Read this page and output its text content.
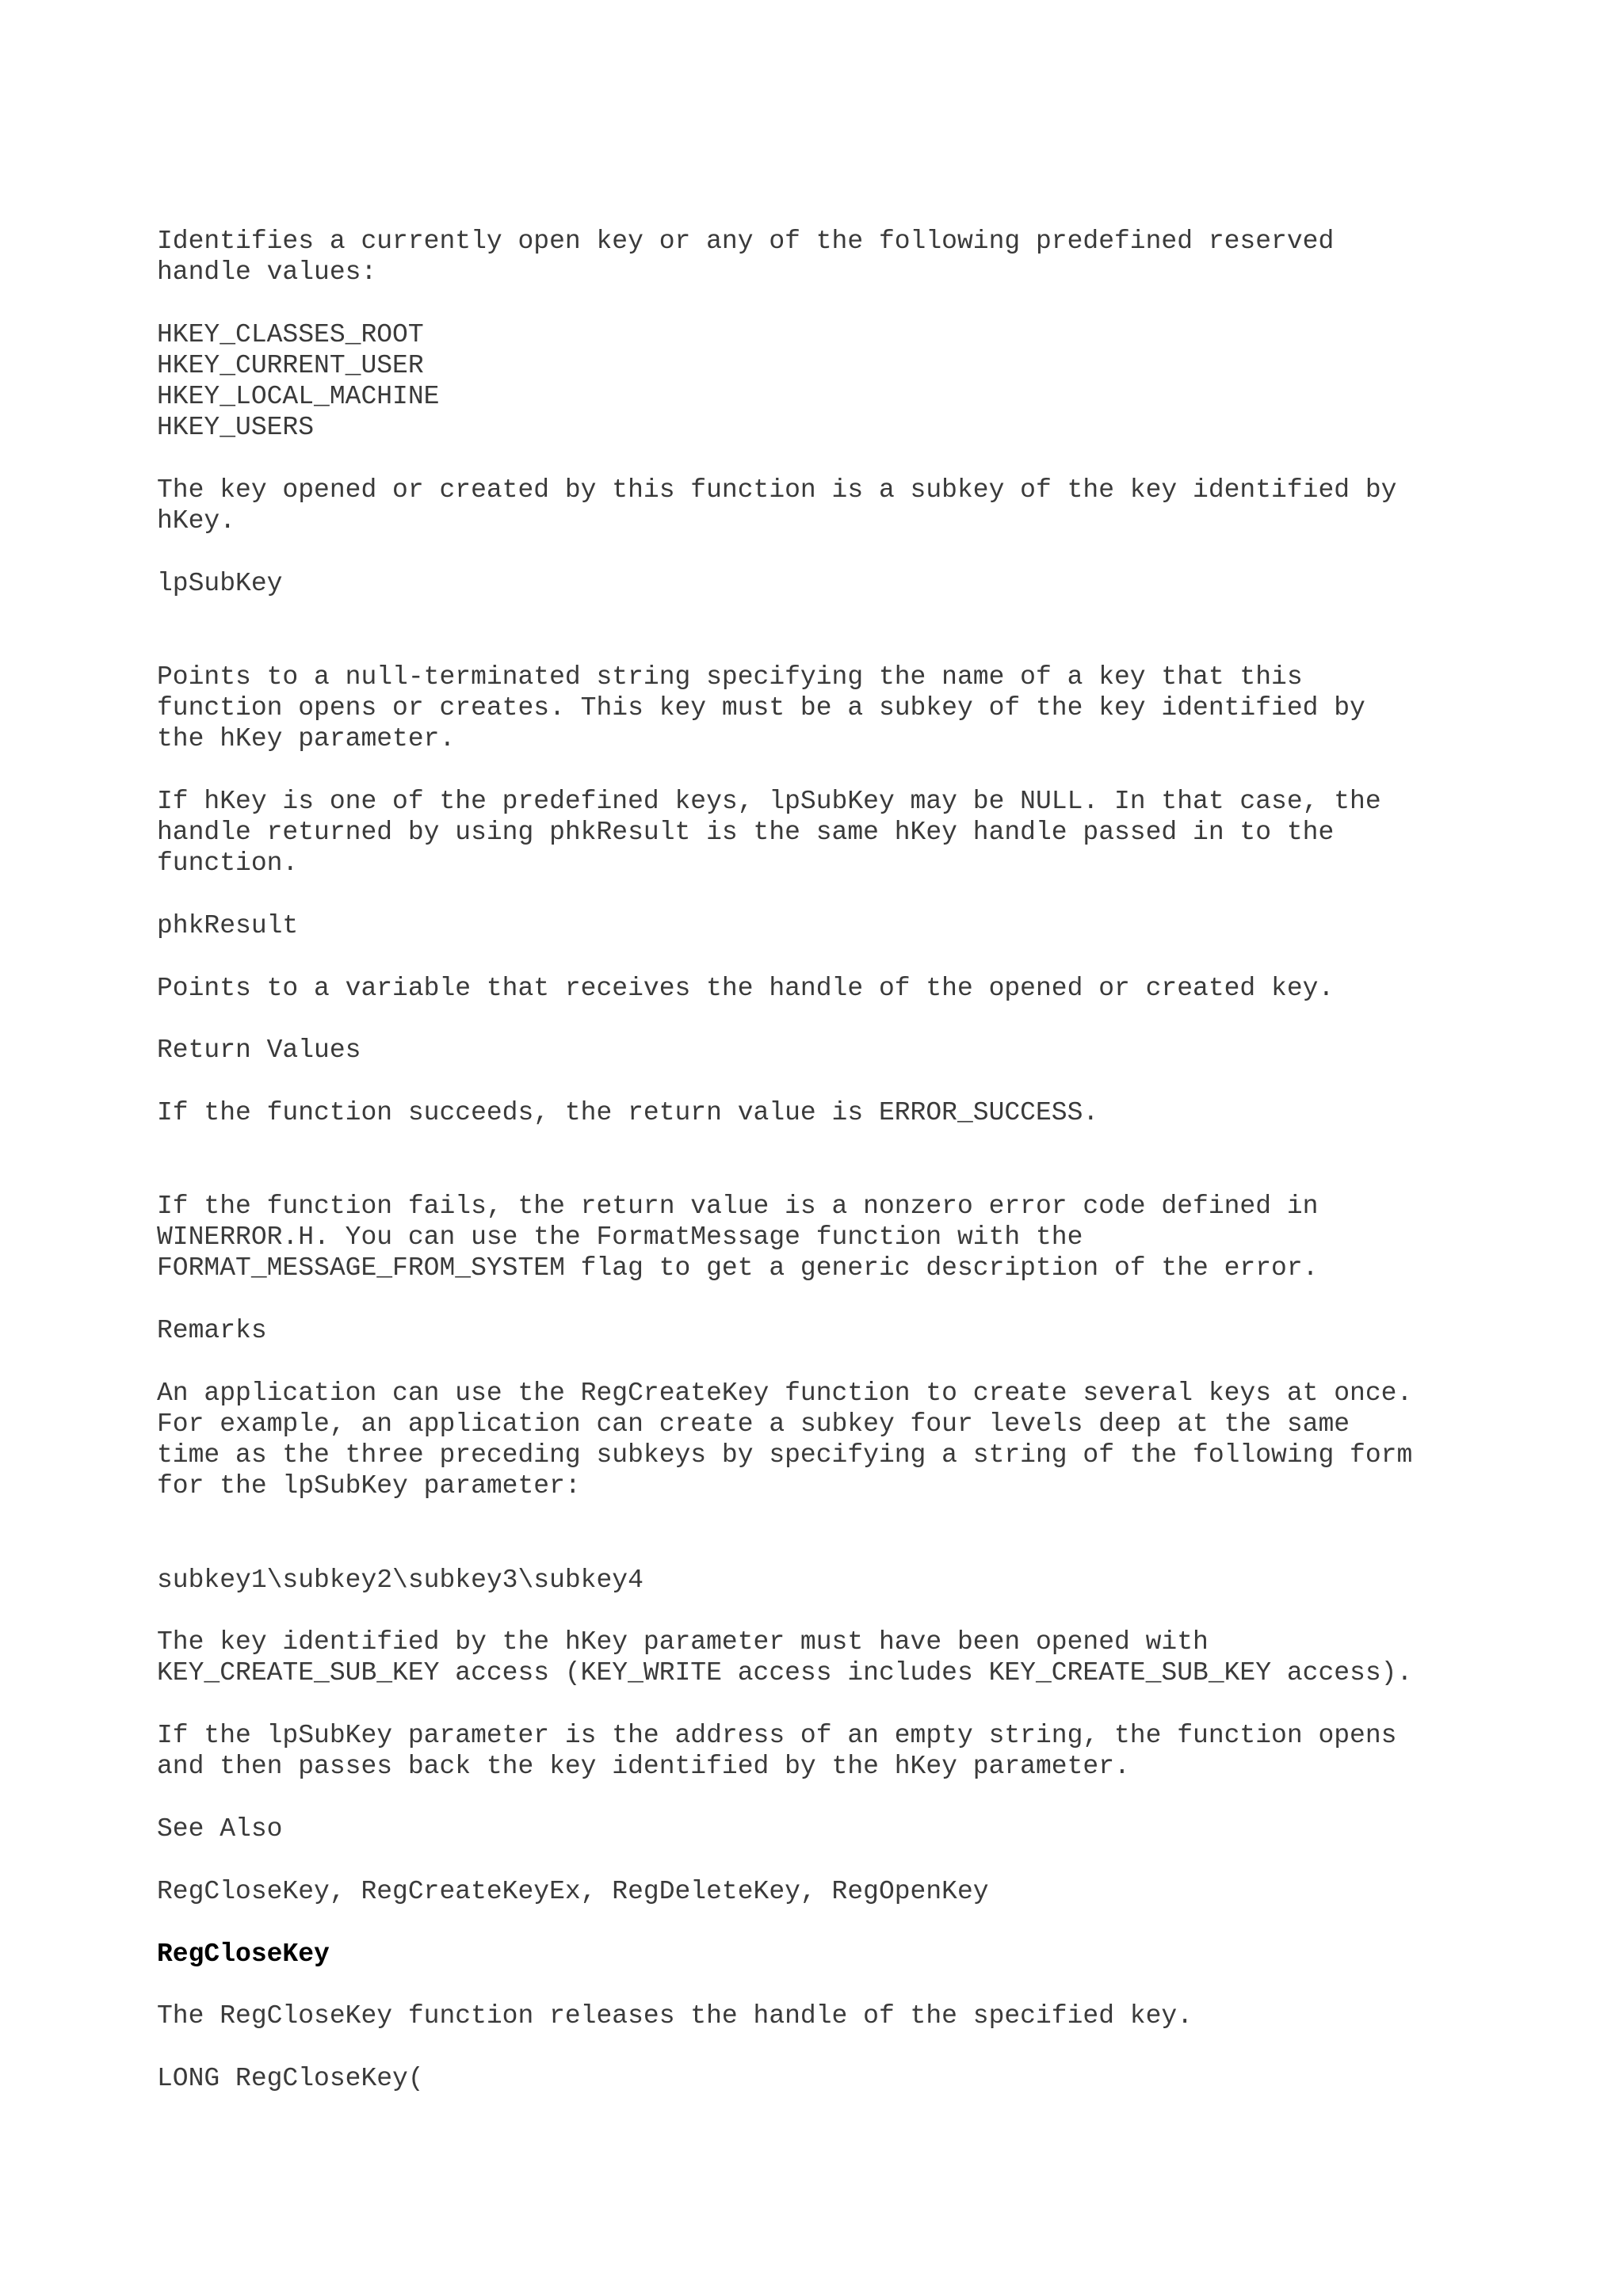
Identifies a currently open key or any of the following predefined reserved

handle values:

HKEY_CLASSES_ROOT

HKEY_CURRENT_USER

HKEY_LOCAL_MACHINE

HKEY_USERS

The key opened or created by this function is a subkey of the key identified by

hKey.

lpSubKey

Points to a null-terminated string specifying the name of a key that this

function opens or creates. This key must be a subkey of the key identified by

the hKey parameter.

If hKey is one of the predefined keys, lpSubKey may be NULL. In that case, the

handle returned by using phkResult is the same hKey handle passed in to the

function.

phkResult

Points to a variable that receives the handle of the opened or created key.

Return Values

If the function succeeds, the return value is ERROR_SUCCESS.

If the function fails, the return value is a nonzero error code defined in

WINERROR.H. You can use the FormatMessage function with the

FORMAT_MESSAGE_FROM_SYSTEM flag to get a generic description of the error.

Remarks

An application can use the RegCreateKey function to create several keys at once.

For example, an application can create a subkey four levels deep at the same

time as the three preceding subkeys by specifying a string of the following form

for the lpSubKey parameter:

subkey1\subkey2\subkey3\subkey4

The key identified by the hKey parameter must have been opened with

KEY_CREATE_SUB_KEY access (KEY_WRITE access includes KEY_CREATE_SUB_KEY access).

If the lpSubKey parameter is the address of an empty string, the function opens

and then passes back the key identified by the hKey parameter.

See Also

RegCloseKey, RegCreateKeyEx, RegDeleteKey, RegOpenKey

RegCloseKey

The RegCloseKey function releases the handle of the specified key.

LONG RegCloseKey(
